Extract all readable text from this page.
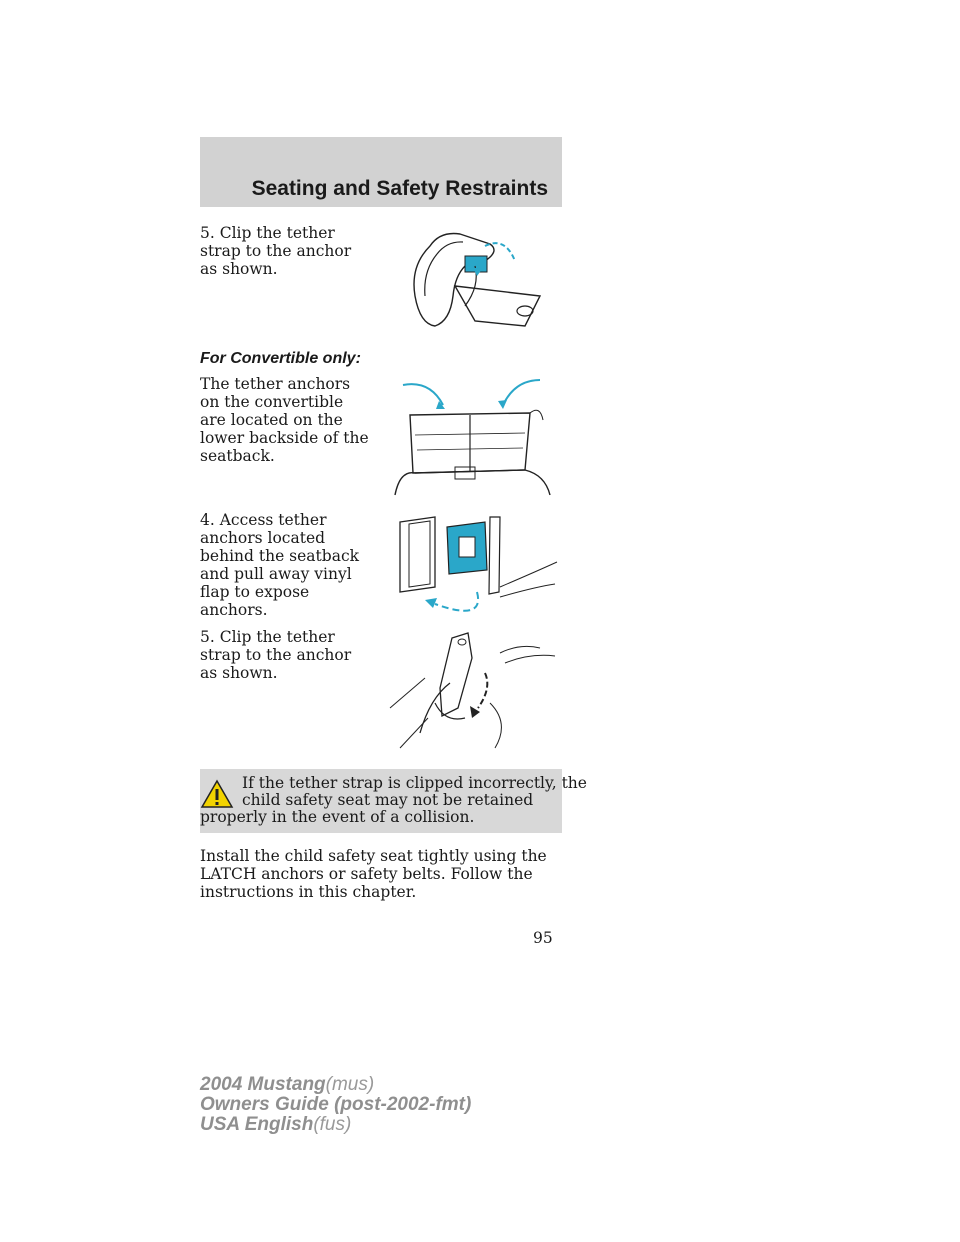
Seating and Safety Restraints
5. Clip the tether strap to the anchor as shown.
For Convertible only:
The tether anchors on the convertible are located on the lower backside of the seatback.
4. Access tether anchors located behind the seatback and pull away vinyl flap to expose anchors.
5. Clip the tether strap to the anchor as shown.
If the tether strap is clipped incorrectly, the
child safety seat may not be retained
properly in the event of a collision.
Install the child safety seat tightly using the LATCH anchors or safety belts. Follow the instructions in this chapter.
95
2004 Mustang(mus)
Owners Guide (post-2002-fmt)
USA English(fus)
